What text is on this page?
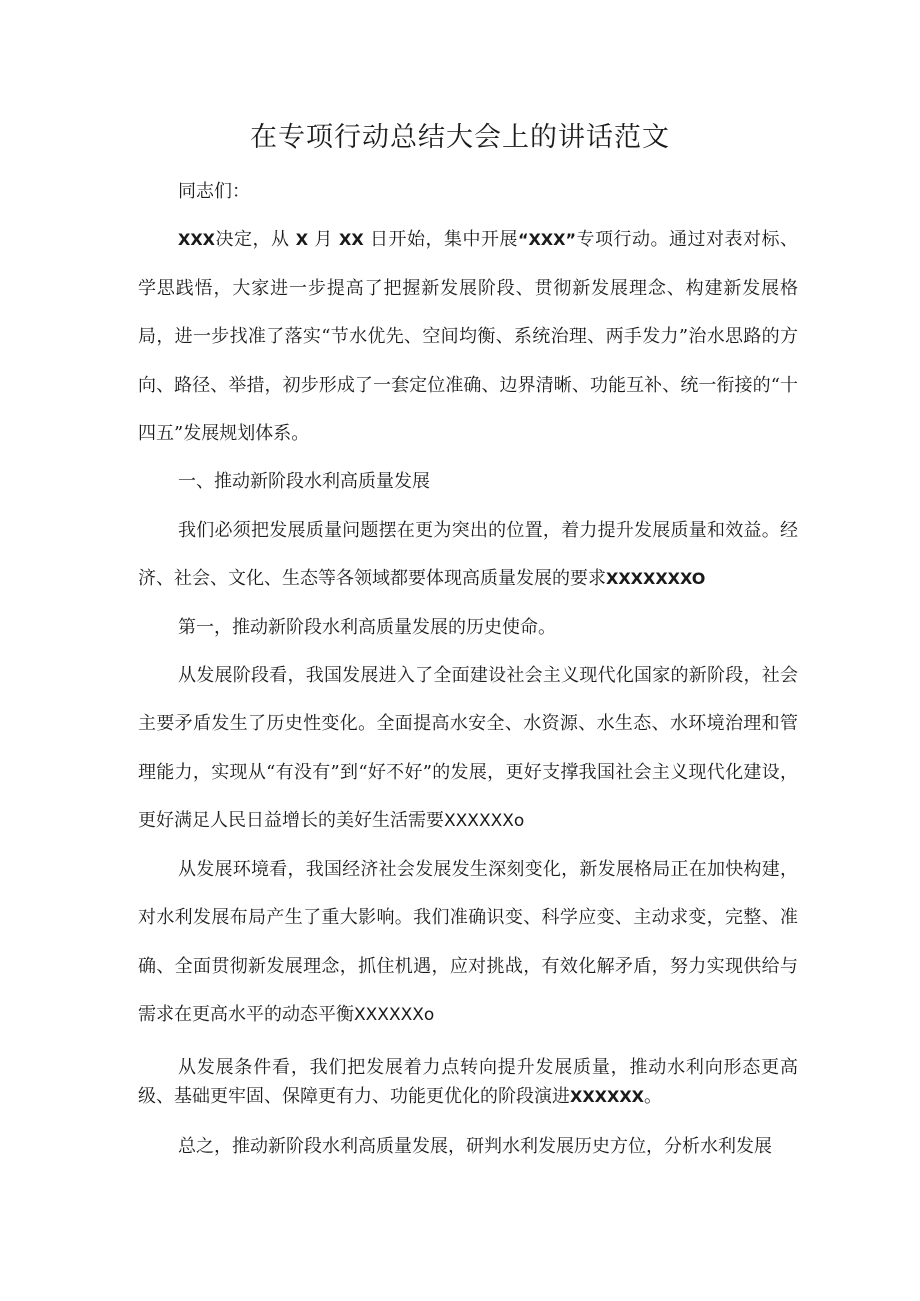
在专项行动总结大会上的讲话范文

同志们：

XXX决定，从 X 月 XX 日开始，集中开展“XXX”专项行动。通过对表对标、学思践悟，大家进一步提高了把握新发展阶段、贯彻新发展理念、构建新发展格局，进一步找准了落实“节水优先、空间均衡、系统治理、两手发力”治水思路的方向、路径、举措，初步形成了一套定位准确、边界清晰、功能互补、统一衔接的“十四五”发展规划体系。

一、推动新阶段水利高质量发展

我们必须把发展质量问题摆在更为突出的位置，着力提升发展质量和效益。经济、社会、文化、生态等各领域都要体现高质量发展的要求XXXXXXXO

第一，推动新阶段水利高质量发展的历史使命。

从发展阶段看，我国发展进入了全面建设社会主义现代化国家的新阶段，社会主要矛盾发生了历史性变化。全面提高水安全、水资源、水生态、水环境治理和管理能力，实现从“有没有”到“好不好”的发展，更好支撑我国社会主义现代化建设，更好满足人民日益增长的美好生活需要XXXXXXo

从发展环境看，我国经济社会发展发生深刻变化，新发展格局正在加快构建，对水利发展布局产生了重大影响。我们准确识变、科学应变、主动求变，完整、准确、全面贯彻新发展理念，抓住机遇，应对挑战，有效化解矛盾，努力实现供给与需求在更高水平的动态平衡XXXXXXo

从发展条件看，我们把发展着力点转向提升发展质量，推动水利向形态更高级、基础更牢固、保障更有力、功能更优化的阶段演进XXXXXX。

总之，推动新阶段水利高质量发展，研判水利发展历史方位，分析水利发展
